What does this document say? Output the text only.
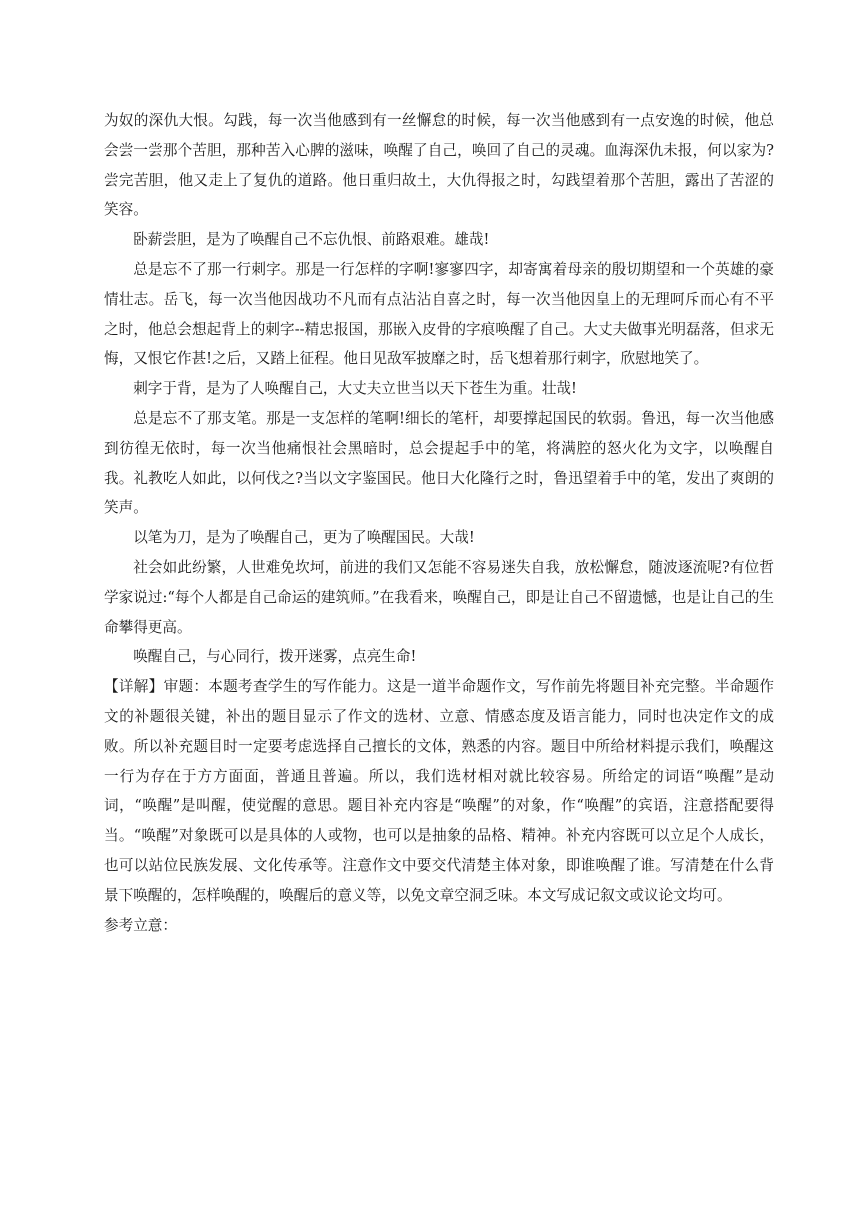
为奴的深仇大恨。勾践，每一次当他感到有一丝懈怠的时候，每一次当他感到有一点安逸的时候，他总会尝一尝那个苦胆，那种苦入心脾的滋味，唤醒了自己，唤回了自己的灵魂。血海深仇未报，何以家为?尝完苦胆，他又走上了复仇的道路。他日重归故土，大仇得报之时，勾践望着那个苦胆，露出了苦涩的笑容。

卧薪尝胆，是为了唤醒自己不忘仇恨、前路艰难。雄哉!

总是忘不了那一行刺字。那是一行怎样的字啊!寥寥四字，却寄寓着母亲的殷切期望和一个英雄的豪情壮志。岳飞，每一次当他因战功不凡而有点沾沾自喜之时，每一次当他因皇上的无理呵斥而心有不平之时，他总会想起背上的刺字--精忠报国，那嵌入皮骨的字痕唤醒了自己。大丈夫做事光明磊落，但求无悔，又恨它作甚!之后，又踏上征程。他日见敌军披靡之时，岳飞想着那行刺字，欣慰地笑了。

刺字于背，是为了人唤醒自己，大丈夫立世当以天下苍生为重。壮哉!

总是忘不了那支笔。那是一支怎样的笔啊!细长的笔杆，却要撑起国民的软弱。鲁迅，每一次当他感到彷徨无依时，每一次当他痛恨社会黑暗时，总会提起手中的笔，将满腔的怒火化为文字，以唤醒自我。礼教吃人如此，以何伐之?当以文字鉴国民。他日大化隆行之时，鲁迅望着手中的笔，发出了爽朗的笑声。

以笔为刀，是为了唤醒自己，更为了唤醒国民。大哉!

社会如此纷繁，人世难免坎坷，前进的我们又怎能不容易迷失自我，放松懈怠，随波逐流呢?有位哲学家说过:“每个人都是自己命运的建筑师。”在我看来，唤醒自己，即是让自己不留遗憾，也是让自己的生命攀得更高。

唤醒自己，与心同行，拨开迷雾，点亮生命!

【详解】审题：本题考查学生的写作能力。这是一道半命题作文，写作前先将题目补充完整。半命题作文的补题很关键，补出的题目显示了作文的选材、立意、情感态度及语言能力，同时也决定作文的成败。所以补充题目时一定要考虑选择自己擅长的文体，熟悉的内容。题目中所给材料提示我们，唤醒这一行为存在于方方面面，普通且普遍。所以，我们选材相对就比较容易。所给定的词语“唤醒”是动词，“唤醒”是叫醒，使觉醒的意思。题目补充内容是“唤醒”的对象，作“唤醒”的宾语，注意搭配要得当。“唤醒”对象既可以是具体的人或物，也可以是抽象的品格、精神。补充内容既可以立足个人成长，也可以站位民族发展、文化传承等。注意作文中要交代清楚主体对象，即谁唤醒了谁。写清楚在什么背景下唤醒的，怎样唤醒的，唤醒后的意义等，以免文章空洞乏味。本文写成记叙文或议论文均可。

参考立意：
